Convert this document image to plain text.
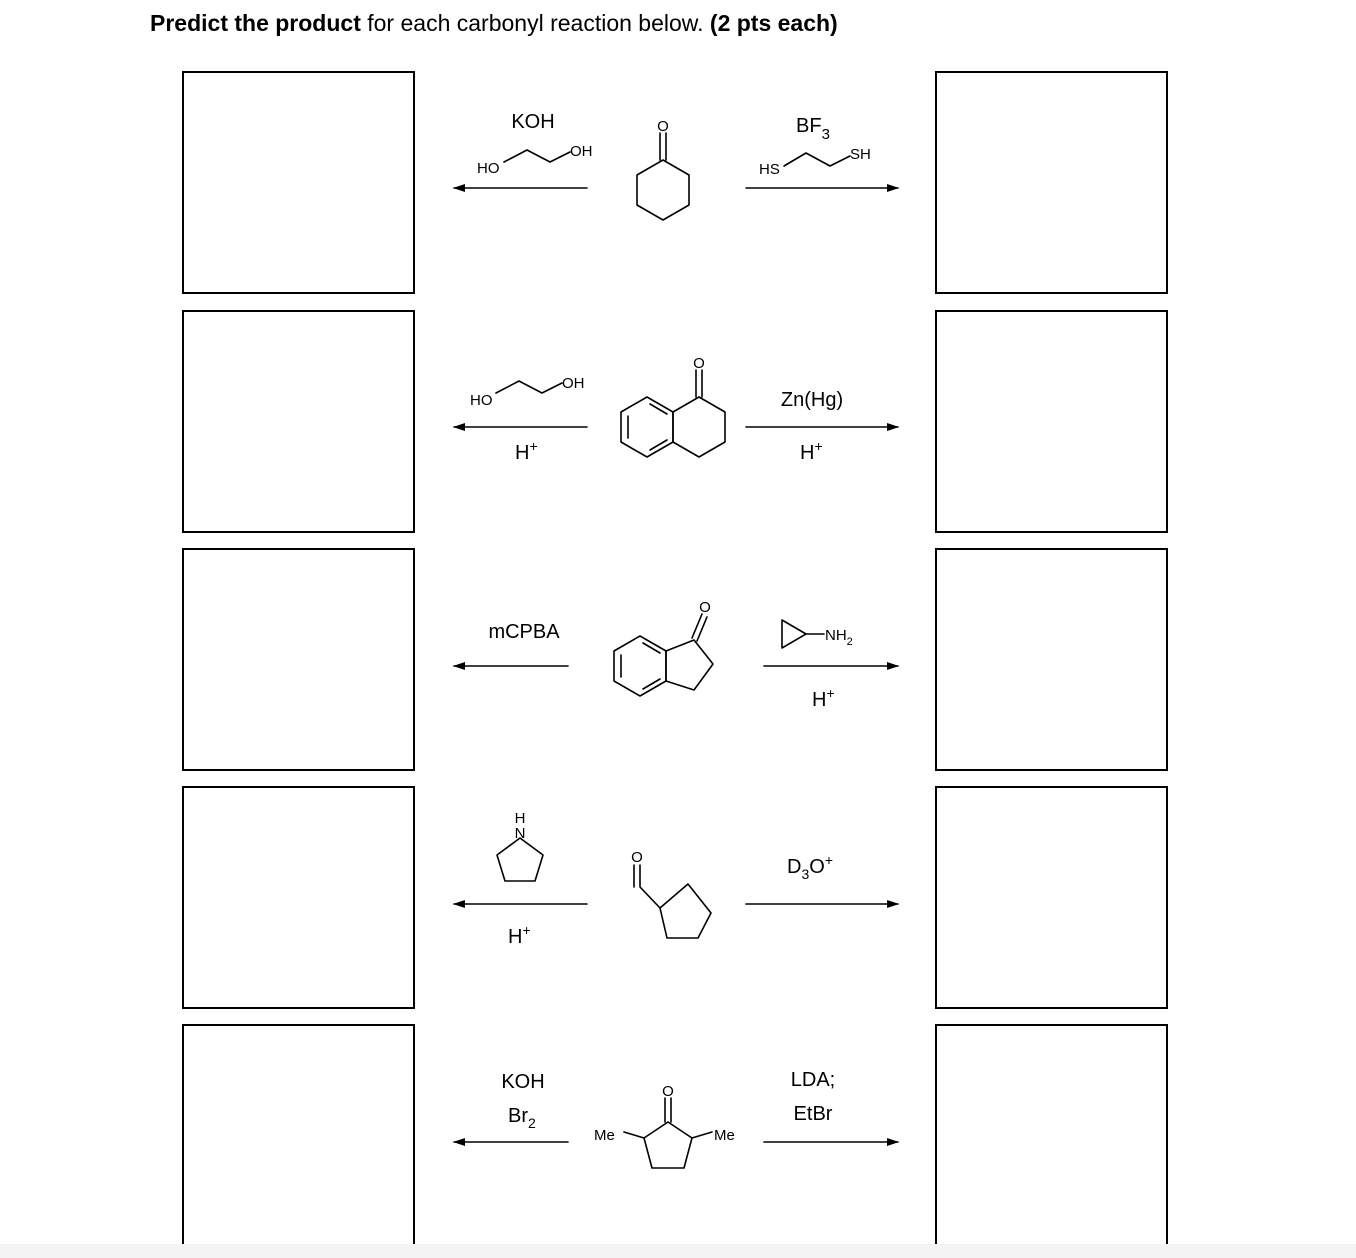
Predict the product for each carbonyl reaction below. (2 pts each)
KOH
HO
OH
O	$BF_3$
HS
SH
HO
OH
H+
O
Zn(Hg)
H+
mCPBA
O
$NH_2$
H+
H
N
H+
O	$D_3O^+$
KOH
$Br_2$
O
Me	Me
LDA;
EtBr
